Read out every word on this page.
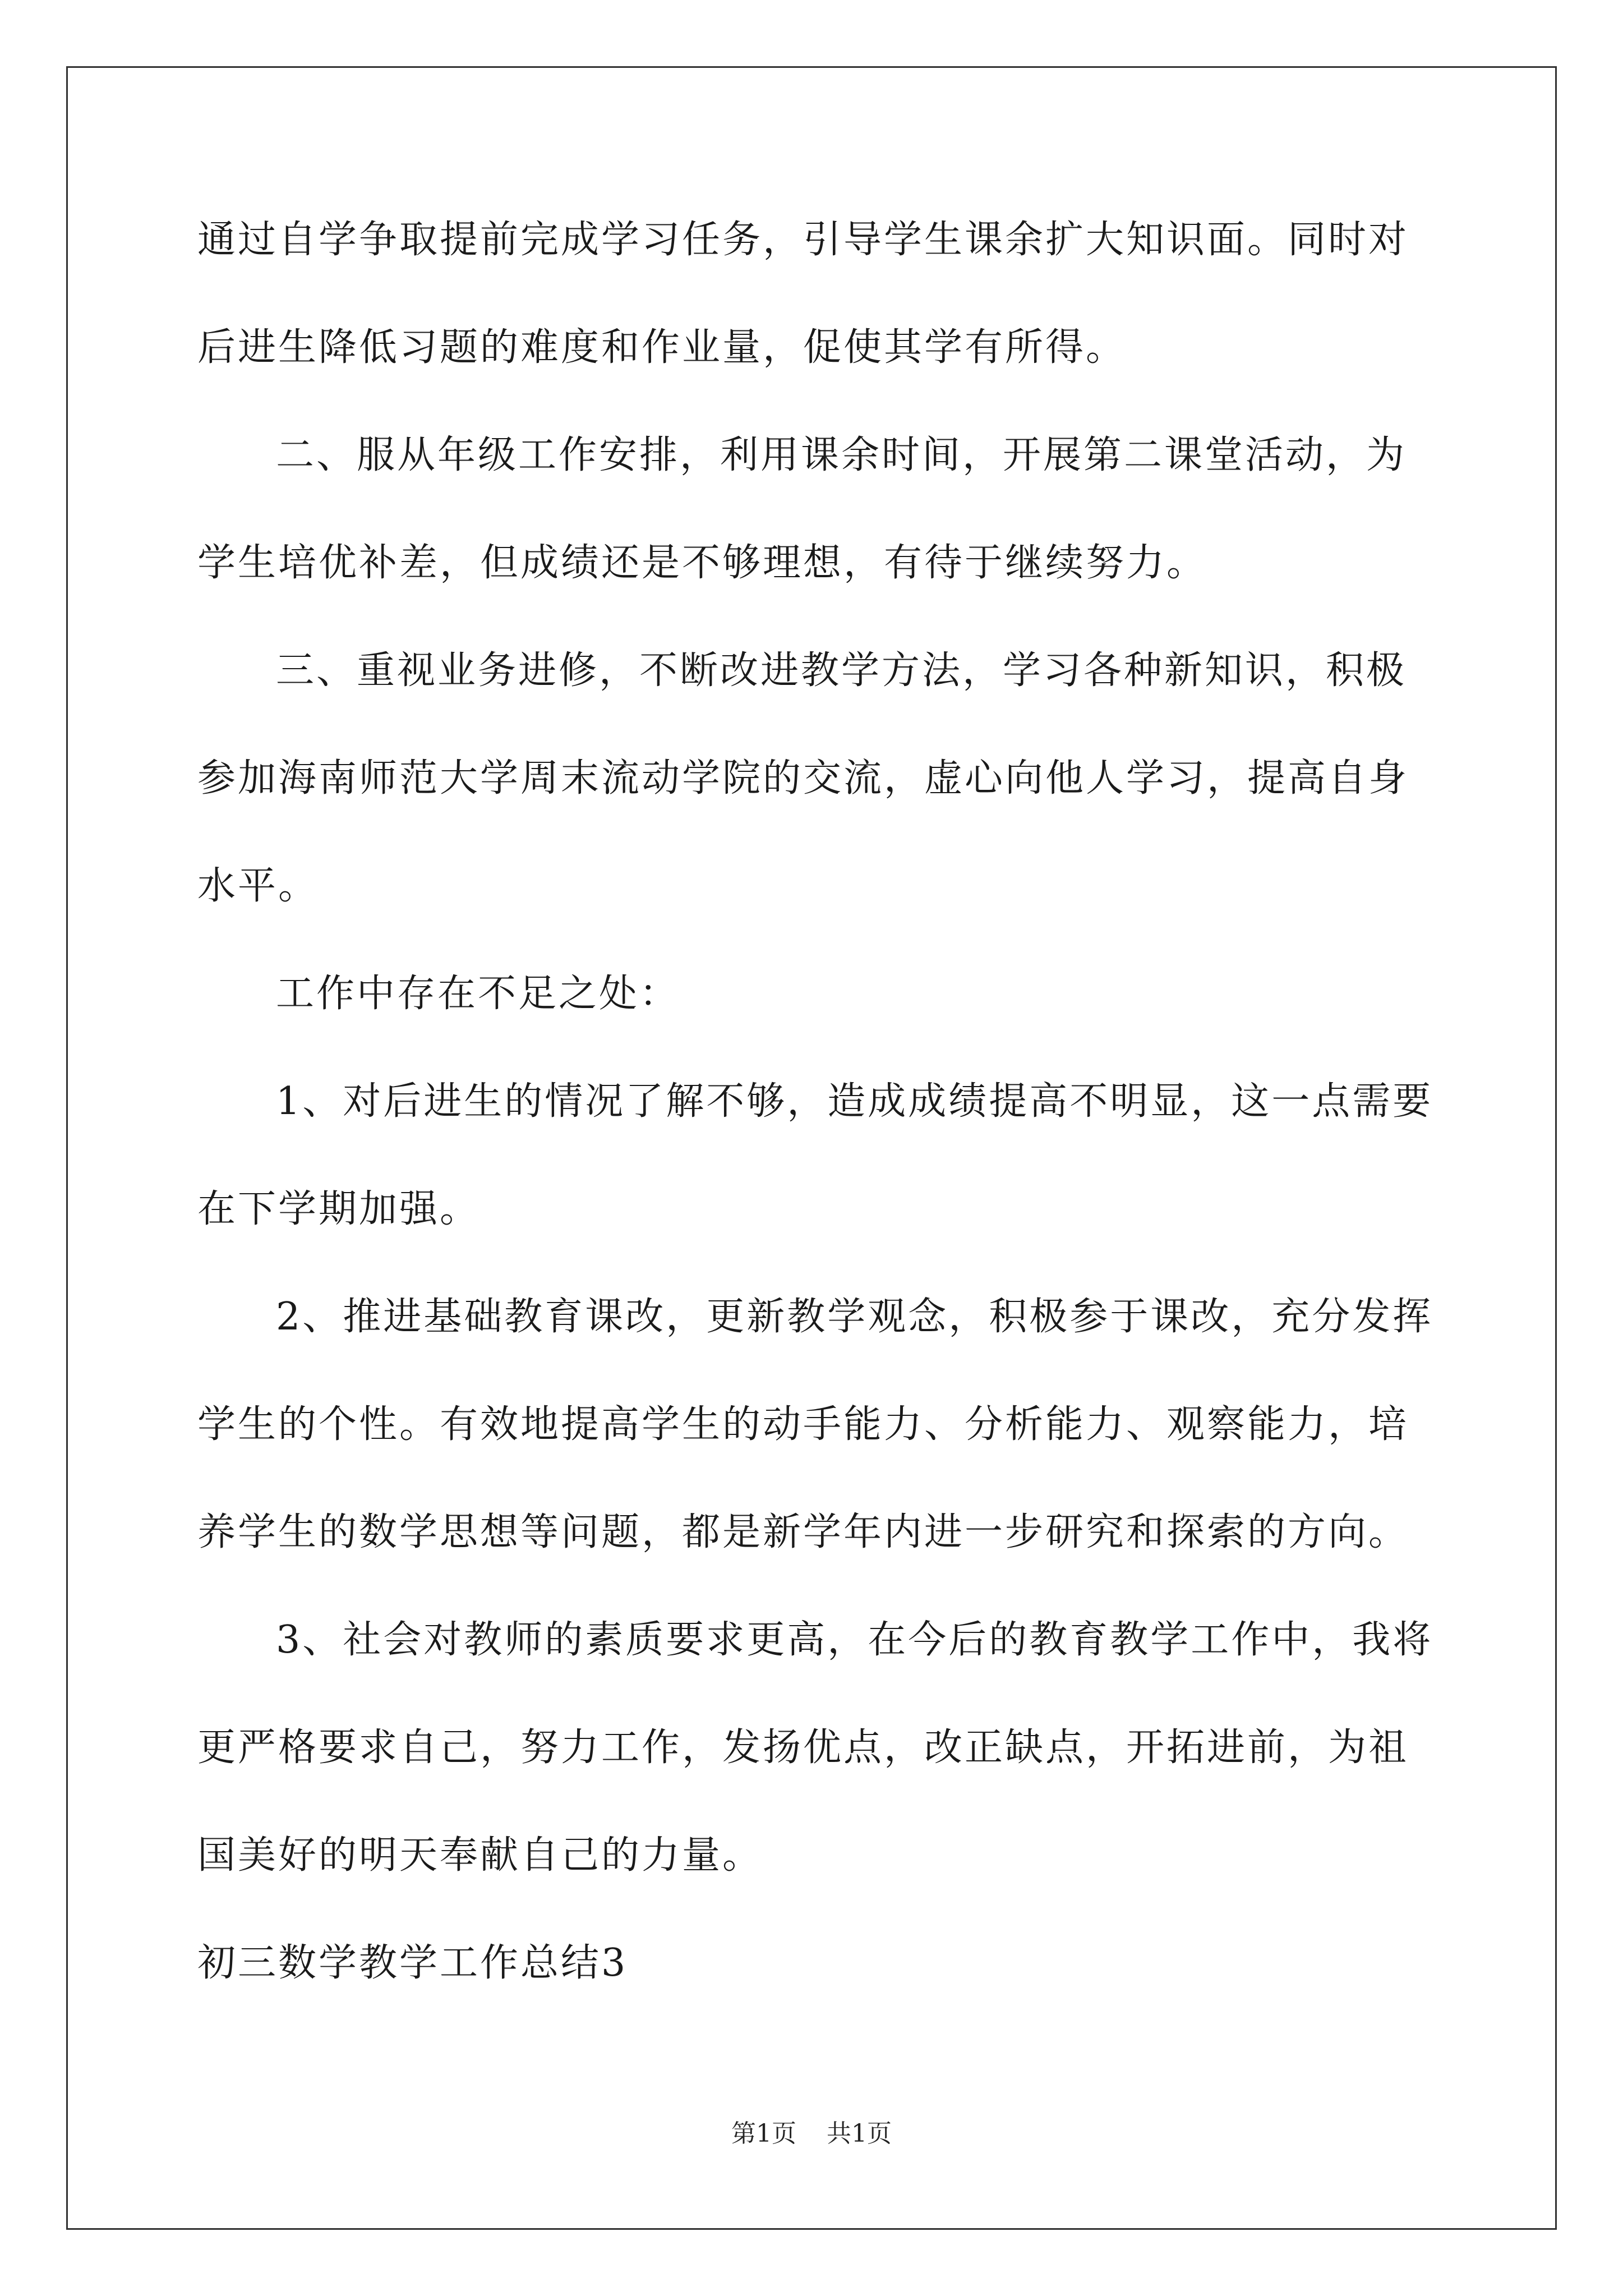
通过自学争取提前完成学习任务，引导学生课余扩大知识面。同时对
后进生降低习题的难度和作业量，促使其学有所得。
二、服从年级工作安排，利用课余时间，开展第二课堂活动，为
学生培优补差，但成绩还是不够理想，有待于继续努力。
三、重视业务进修，不断改进教学方法，学习各种新知识，积极
参加海南师范大学周末流动学院的交流，虚心向他人学习，提高自身
水平。
工作中存在不足之处：
1、对后进生的情况了解不够，造成成绩提高不明显，这一点需要
在下学期加强。
2、推进基础教育课改，更新教学观念，积极参于课改，充分发挥
学生的个性。有效地提高学生的动手能力、分析能力、观察能力，培
养学生的数学思想等问题，都是新学年内进一步研究和探索的方向。
3、社会对教师的素质要求更高，在今后的教育教学工作中，我将
更严格要求自己，努力工作，发扬优点，改正缺点，开拓进前，为祖
国美好的明天奉献自己的力量。
初三数学教学工作总结3
第1页 共1页
